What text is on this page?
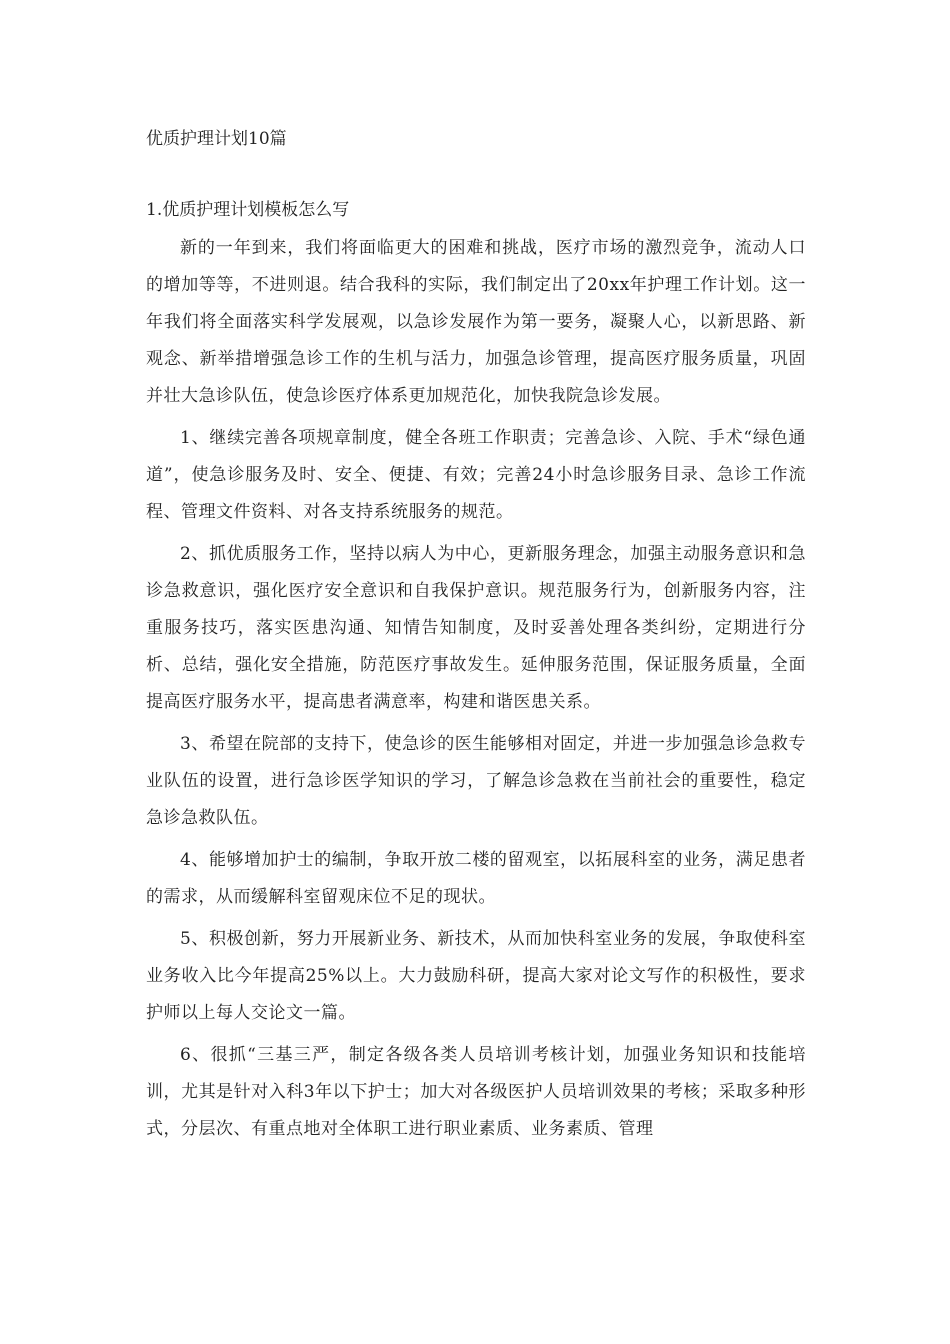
优质护理计划10篇
1.优质护理计划模板怎么写

新的一年到来，我们将面临更大的困难和挑战，医疗市场的激烈竞争，流动人口的增加等等，不进则退。结合我科的实际，我们制定出了20xx年护理工作计划。这一年我们将全面落实科学发展观，以急诊发展作为第一要务，凝聚人心，以新思路、新观念、新举措增强急诊工作的生机与活力，加强急诊管理，提高医疗服务质量，巩固并壮大急诊队伍，使急诊医疗体系更加规范化，加快我院急诊发展。

1、继续完善各项规章制度，健全各班工作职责；完善急诊、入院、手术“绿色通道”，使急诊服务及时、安全、便捷、有效；完善24小时急诊服务目录、急诊工作流程、管理文件资料、对各支持系统服务的规范。

2、抓优质服务工作，坚持以病人为中心，更新服务理念，加强主动服务意识和急诊急救意识，强化医疗安全意识和自我保护意识。规范服务行为，创新服务内容，注重服务技巧，落实医患沟通、知情告知制度，及时妥善处理各类纠纷，定期进行分析、总结，强化安全措施，防范医疗事故发生。延伸服务范围，保证服务质量，全面提高医疗服务水平，提高患者满意率，构建和谐医患关系。

3、希望在院部的支持下，使急诊的医生能够相对固定，并进一步加强急诊急救专业队伍的设置，进行急诊医学知识的学习，了解急诊急救在当前社会的重要性，稳定急诊急救队伍。

4、能够增加护士的编制，争取开放二楼的留观室，以拓展科室的业务，满足患者的需求，从而缓解科室留观床位不足的现状。

5、积极创新，努力开展新业务、新技术，从而加快科室业务的发展，争取使科室业务收入比今年提高25%以上。大力鼓励科研，提高大家对论文写作的积极性，要求护师以上每人交论文一篇。

6、很抓“三基三严，制定各级各类人员培训考核计划，加强业务知识和技能培训，尤其是针对入科3年以下护士；加大对各级医护人员培训效果的考核；采取多种形式，分层次、有重点地对全体职工进行职业素质、业务素质、管理
